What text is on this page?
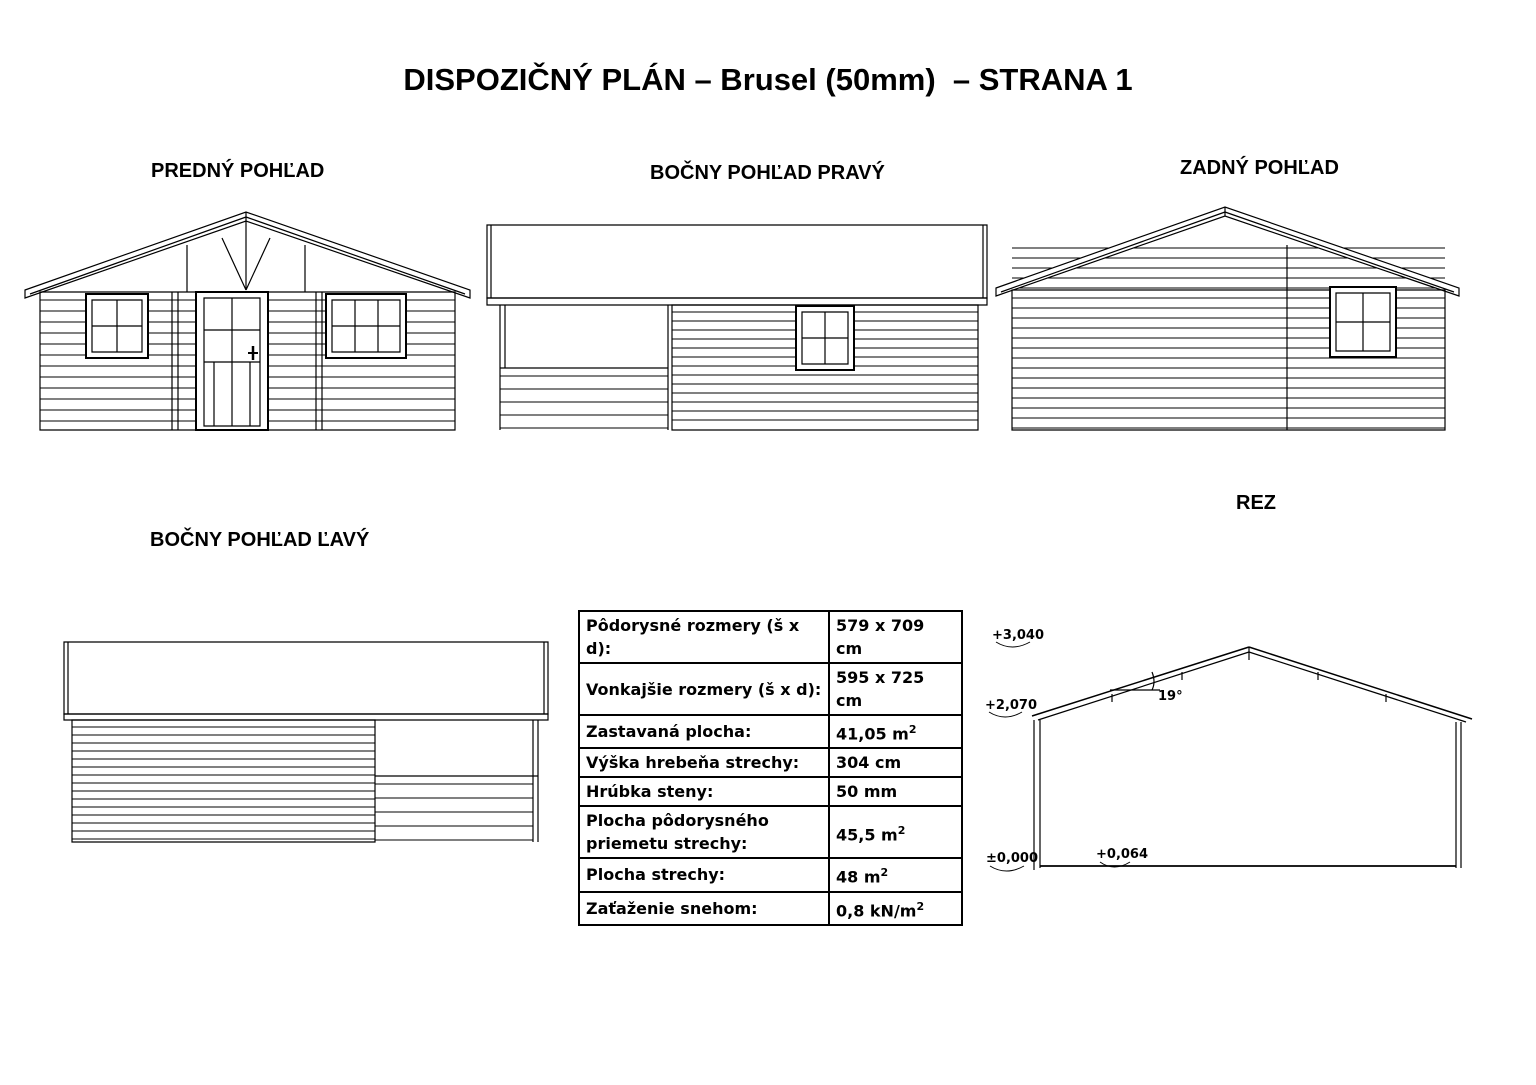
DISPOZIČNÝ PLÁN – Brusel (50mm)  – STRANA 1
PREDNÝ POHĽAD	BOČNY POHĽAD PRAVÝ	ZADNÝ POHĽAD
BOČNY POHĽAD ĽAVÝ
REZ
+3,040
+2,070
±0,000	+0,064
19°
Pôdorysné rozmery (š x d):	579 x 709 cm
Vonkajšie rozmery (š x d):	595 x 725 cm
Zastavaná plocha:	41,05 $m^2$
Výška hrebeňa strechy:	304 cm
Hrúbka steny:	50 mm
Plocha pôdorysného priemetu strechy:	45,5 $m^2$
Plocha strechy:	48 $m^2$
Zaťaženie snehom:	0,8 $kN/m^2$
